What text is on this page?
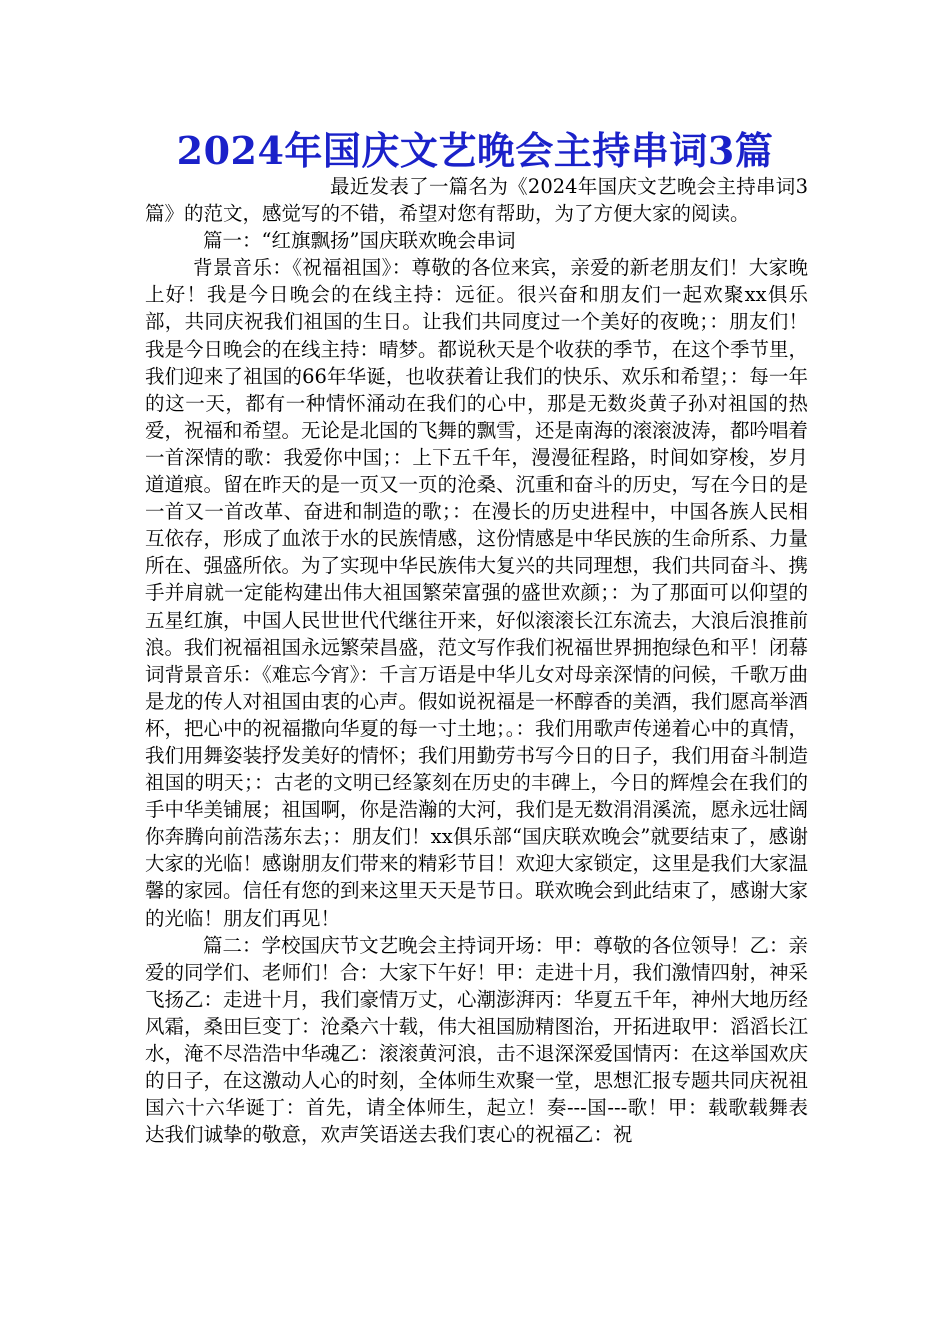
2024年国庆文艺晚会主持串词3篇

最近发表了一篇名为《2024年国庆文艺晚会主持串词3篇》的范文，感觉写的不错，希望对您有帮助，为了方便大家的阅读。

篇一：“红旗飘扬”国庆联欢晚会串词

背景音乐：《祝福祖国》：尊敬的各位来宾，亲爱的新老朋友们！大家晚上好！我是今日晚会的在线主持：远征。很兴奋和朋友们一起欢聚xx俱乐部，共同庆祝我们祖国的生日。让我们共同度过一个美好的夜晚；：朋友们！我是今日晚会的在线主持：晴梦。都说秋天是个收获的季节，在这个季节里，我们迎来了祖国的66年华诞，也收获着让我们的快乐、欢乐和希望；：每一年的这一天，都有一种情怀涌动在我们的心中，那是无数炎黄子孙对祖国的热爱，祝福和希望。无论是北国的飞舞的飘雪，还是南海的滚滚波涛，都吟唱着一首深情的歌：我爱你中国；：上下五千年，漫漫征程路，时间如穿梭，岁月道道痕。留在昨天的是一页又一页的沧桑、沉重和奋斗的历史，写在今日的是一首又一首改革、奋进和制造的歌；：在漫长的历史进程中，中国各族人民相互依存，形成了血浓于水的民族情感，这份情感是中华民族的生命所系、力量所在、强盛所依。为了实现中华民族伟大复兴的共同理想，我们共同奋斗、携手并肩就一定能构建出伟大祖国繁荣富强的盛世欢颜；：为了那面可以仰望的五星红旗，中国人民世世代代继往开来，好似滚滚长江东流去，大浪后浪推前浪。我们祝福祖国永远繁荣昌盛，范文写作我们祝福世界拥抱绿色和平！闭幕词背景音乐：《难忘今宵》：千言万语是中华儿女对母亲深情的问候，千歌万曲是龙的传人对祖国由衷的心声。假如说祝福是一杯醇香的美酒，我们愿高举酒杯，把心中的祝福撒向华夏的每一寸土地；。：我们用歌声传递着心中的真情，我们用舞姿装抒发美好的情怀；我们用勤劳书写今日的日子，我们用奋斗制造祖国的明天；：古老的文明已经篆刻在历史的丰碑上，今日的辉煌会在我们的手中华美铺展；祖国啊，你是浩瀚的大河，我们是无数涓涓溪流，愿永远壮阔你奔腾向前浩荡东去；：朋友们！xx俱乐部“国庆联欢晚会”就要结束了，感谢大家的光临！感谢朋友们带来的精彩节目！欢迎大家锁定，这里是我们大家温馨的家园。信任有您的到来这里天天是节日。联欢晚会到此结束了，感谢大家的光临！朋友们再见！

篇二：学校国庆节文艺晚会主持词开场：甲：尊敬的各位领导！乙：亲爱的同学们、老师们！合：大家下午好！甲：走进十月，我们激情四射，神采飞扬乙：走进十月，我们豪情万丈，心潮澎湃丙：华夏五千年，神州大地历经风霜，桑田巨变丁：沧桑六十载，伟大祖国励精图治，开拓进取甲：滔滔长江水，淹不尽浩浩中华魂乙：滚滚黄河浪，击不退深深爱国情丙：在这举国欢庆的日子，在这激动人心的时刻，全体师生欢聚一堂，思想汇报专题共同庆祝祖国六十六华诞丁：首先，请全体师生，起立！奏---国---歌！甲：载歌载舞表达我们诚挚的敬意，欢声笑语送去我们衷心的祝福乙：祝
